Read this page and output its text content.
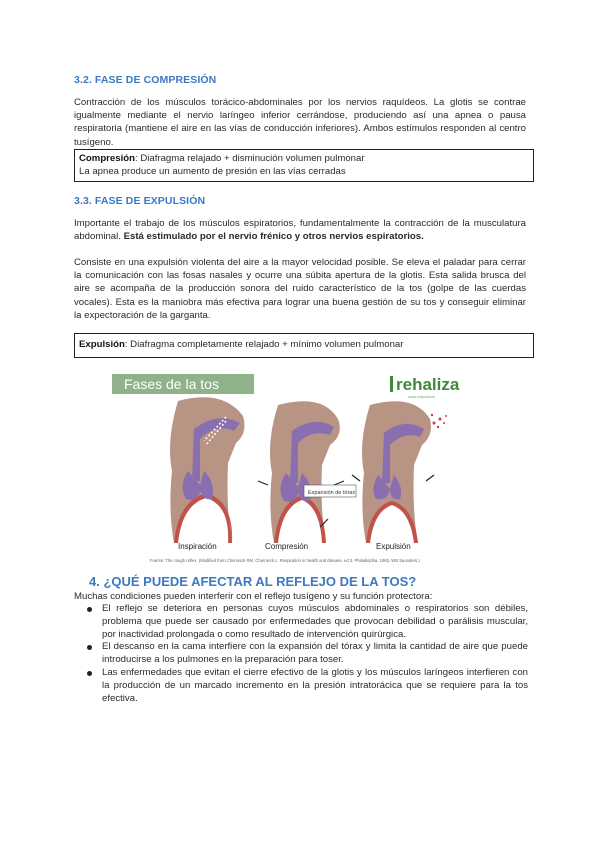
3.2. FASE DE COMPRESIÓN
Contracción de los músculos torácico-abdominales por los nervios raquídeos. La glotis se contrae igualmente mediante el nervio laríngeo inferior cerrándose, produciendo así una apnea o pausa respiratoria (mantiene el aire en las vías de conducción inferiores). Ambos estímulos responden al centro tusígeno.
Compresión: Diafragma relajado + disminución volumen pulmonar
La apnea produce un aumento de presión en las vías cerradas
3.3. FASE DE EXPULSIÓN
Importante el trabajo de los músculos espiratorios, fundamentalmente la contracción de la musculatura abdominal. Está estimulado por el nervio frénico y otros nervios espiratorios.
Consiste en una expulsión violenta del aire a la mayor velocidad posible. Se eleva el paladar para cerrar la comunicación con las fosas nasales y ocurre una súbita apertura de la glotis. Esta salida brusca del aire se acompaña de la producción sonora del ruido característico de la tos (golpe de las cuerdas vocales). Esta es la maniobra más efectiva para lograr una buena gestión de su tos y conseguir eliminar la expectoración de la garganta.
Expulsión: Diafragma completamente relajado + mínimo volumen pulmonar
Fases de la tos	rehaliza
salud respiratoria
Expansión de tórax
Inspiración	Compresión	Expulsión
Fuente: The cough reflex. (Modified from Chernisck RM, Chernisck L: Respiration in health and disease, ed 3. Philadelphia, 1983, WB Saunders.)
4. ¿QUÉ PUEDE AFECTAR AL REFLEJO DE LA TOS?
Muchas condiciones pueden interferir con el reflejo tusígeno y su función protectora:
El reflejo se deteriora en personas cuyos músculos abdominales o respiratorios son débiles, problema que puede ser causado por enfermedades que provocan debilidad o parálisis muscular, por inactividad prolongada o como resultado de intervención quirúrgica.
El descanso en la cama interfiere con la expansión del tórax y limita la cantidad de aire que puede introducirse a los pulmones en la preparación para toser.
Las enfermedades que evitan el cierre efectivo de la glotis y los músculos laríngeos interfieren con la producción de un marcado incremento en la presión intratorácica que se requiere para la tos efectiva.
